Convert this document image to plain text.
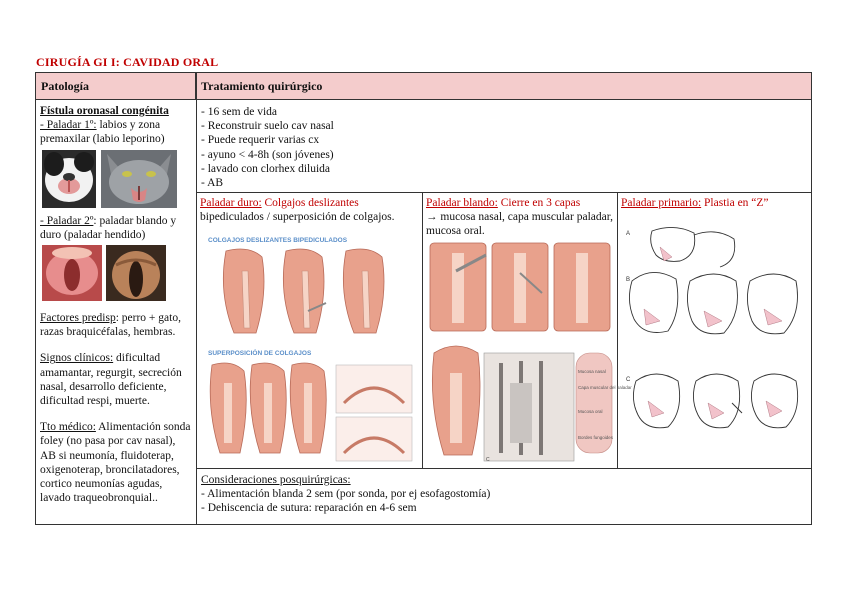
CIRUGÍA GI I: CAVIDAD ORAL
Patología	Tratamiento quirúrgico

Fístula oronasal congénita

- Paladar 1º: labios y zona premaxilar (labio leporino)

- Paladar 2º: paladar blando y duro (paladar hendido)

Factores predisp: perro + gato, razas braquicéfalas, hembras.

Signos clínicos: dificultad amamantar, regurgit, secreción nasal, desarrollo deficiente, dificultad respi, muerte.

Tto médico: Alimentación sonda foley (no pasa por cav nasal), AB si neumonía, fluidoterap, oxigenoterap, broncilatadores, cortico neumonías agudas, lavado traqueobronquial..

- 16 sem de vida
- Reconstruir suelo cav nasal
- Puede requerir varias cx
- ayuno < 4-8h (son jóvenes)
- lavado con clorhex diluida
- AB

Paladar duro: Colgajos deslizantes

bipediculados / superposición de colgajos.

COLGAJOS DESLIZANTES BIPEDICULADOS
SUPERPOSICIÓN DE COLGAJOS

Paladar blando: Cierre en 3 capas

→ mucosa nasal, capa muscular paladar, mucosa oral.

Mucosa nasal
Capa muscular del paladar
Mucosa oral
Bordes fungoides
C

Paladar primario: Plastia en “Z”

A
B
C

Consideraciones posquirúrgicas:

- Alimentación blanda 2 sem (por sonda, por ej esofagostomía)

- Dehiscencia de sutura: reparación en 4-6 sem
